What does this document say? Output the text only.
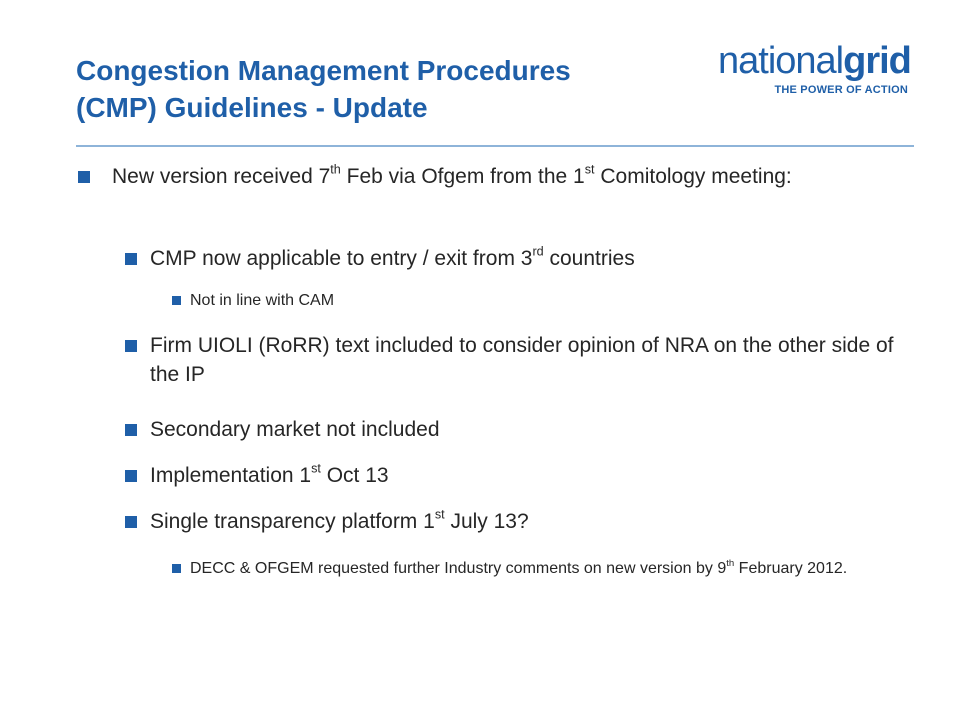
Congestion Management Procedures
(CMP) Guidelines - Update
nationalgrid
THE POWER OF ACTION
New version received 7th Feb via Ofgem from the 1st Comitology meeting:
CMP now applicable to entry / exit from 3rd countries
Not in line with CAM
Firm UIOLI (RoRR) text included to consider opinion of NRA on the other side of the IP
Secondary market not included
Implementation 1st Oct 13
Single transparency platform 1st July 13?
DECC & OFGEM requested further Industry comments on new version by 9th February 2012.
